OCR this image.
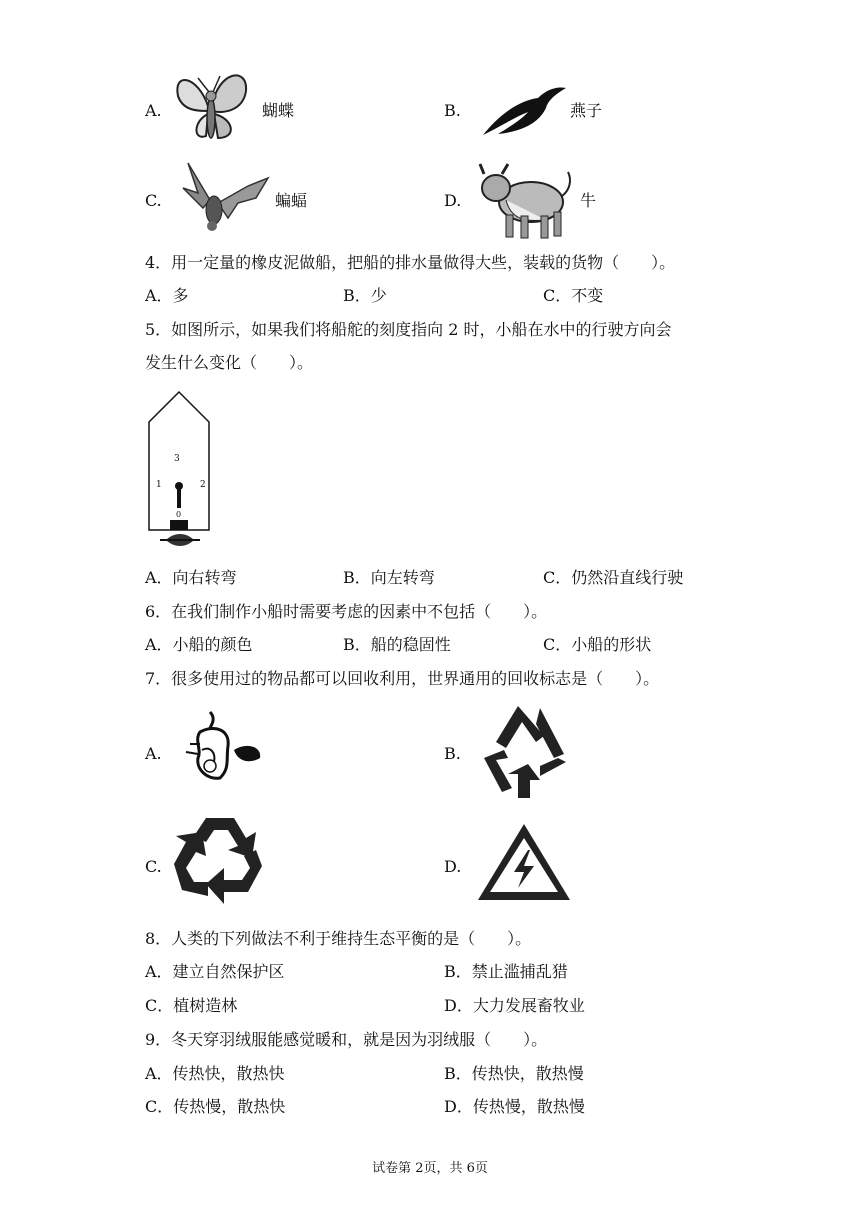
A.	蝴蝶	B.	燕子
C.	蝙蝠	D.	牛
4．用一定量的橡皮泥做船，把船的排水量做得大些，装载的货物（　　）。
A．多	B．少	C．不变
5．如图所示，如果我们将船舵的刻度指向 2 时，小船在水中的行驶方向会
发生什么变化（　　）。
3
1	2
0
A．向右转弯	B．向左转弯	C．仍然沿直线行驶
6．在我们制作小船时需要考虑的因素中不包括（　　）。
A．小船的颜色	B．船的稳固性	C．小船的形状
7．很多使用过的物品都可以回收利用，世界通用的回收标志是（　　）。
A.	B.
C.	D.
8．人类的下列做法不利于维持生态平衡的是（　　）。
A．建立自然保护区	B．禁止滥捕乱猎
C．植树造林	D．大力发展畜牧业
9．冬天穿羽绒服能感觉暖和，就是因为羽绒服（　　）。
A．传热快，散热快	B．传热快，散热慢
C．传热慢，散热快	D．传热慢，散热慢
试卷第 2页，共 6页
